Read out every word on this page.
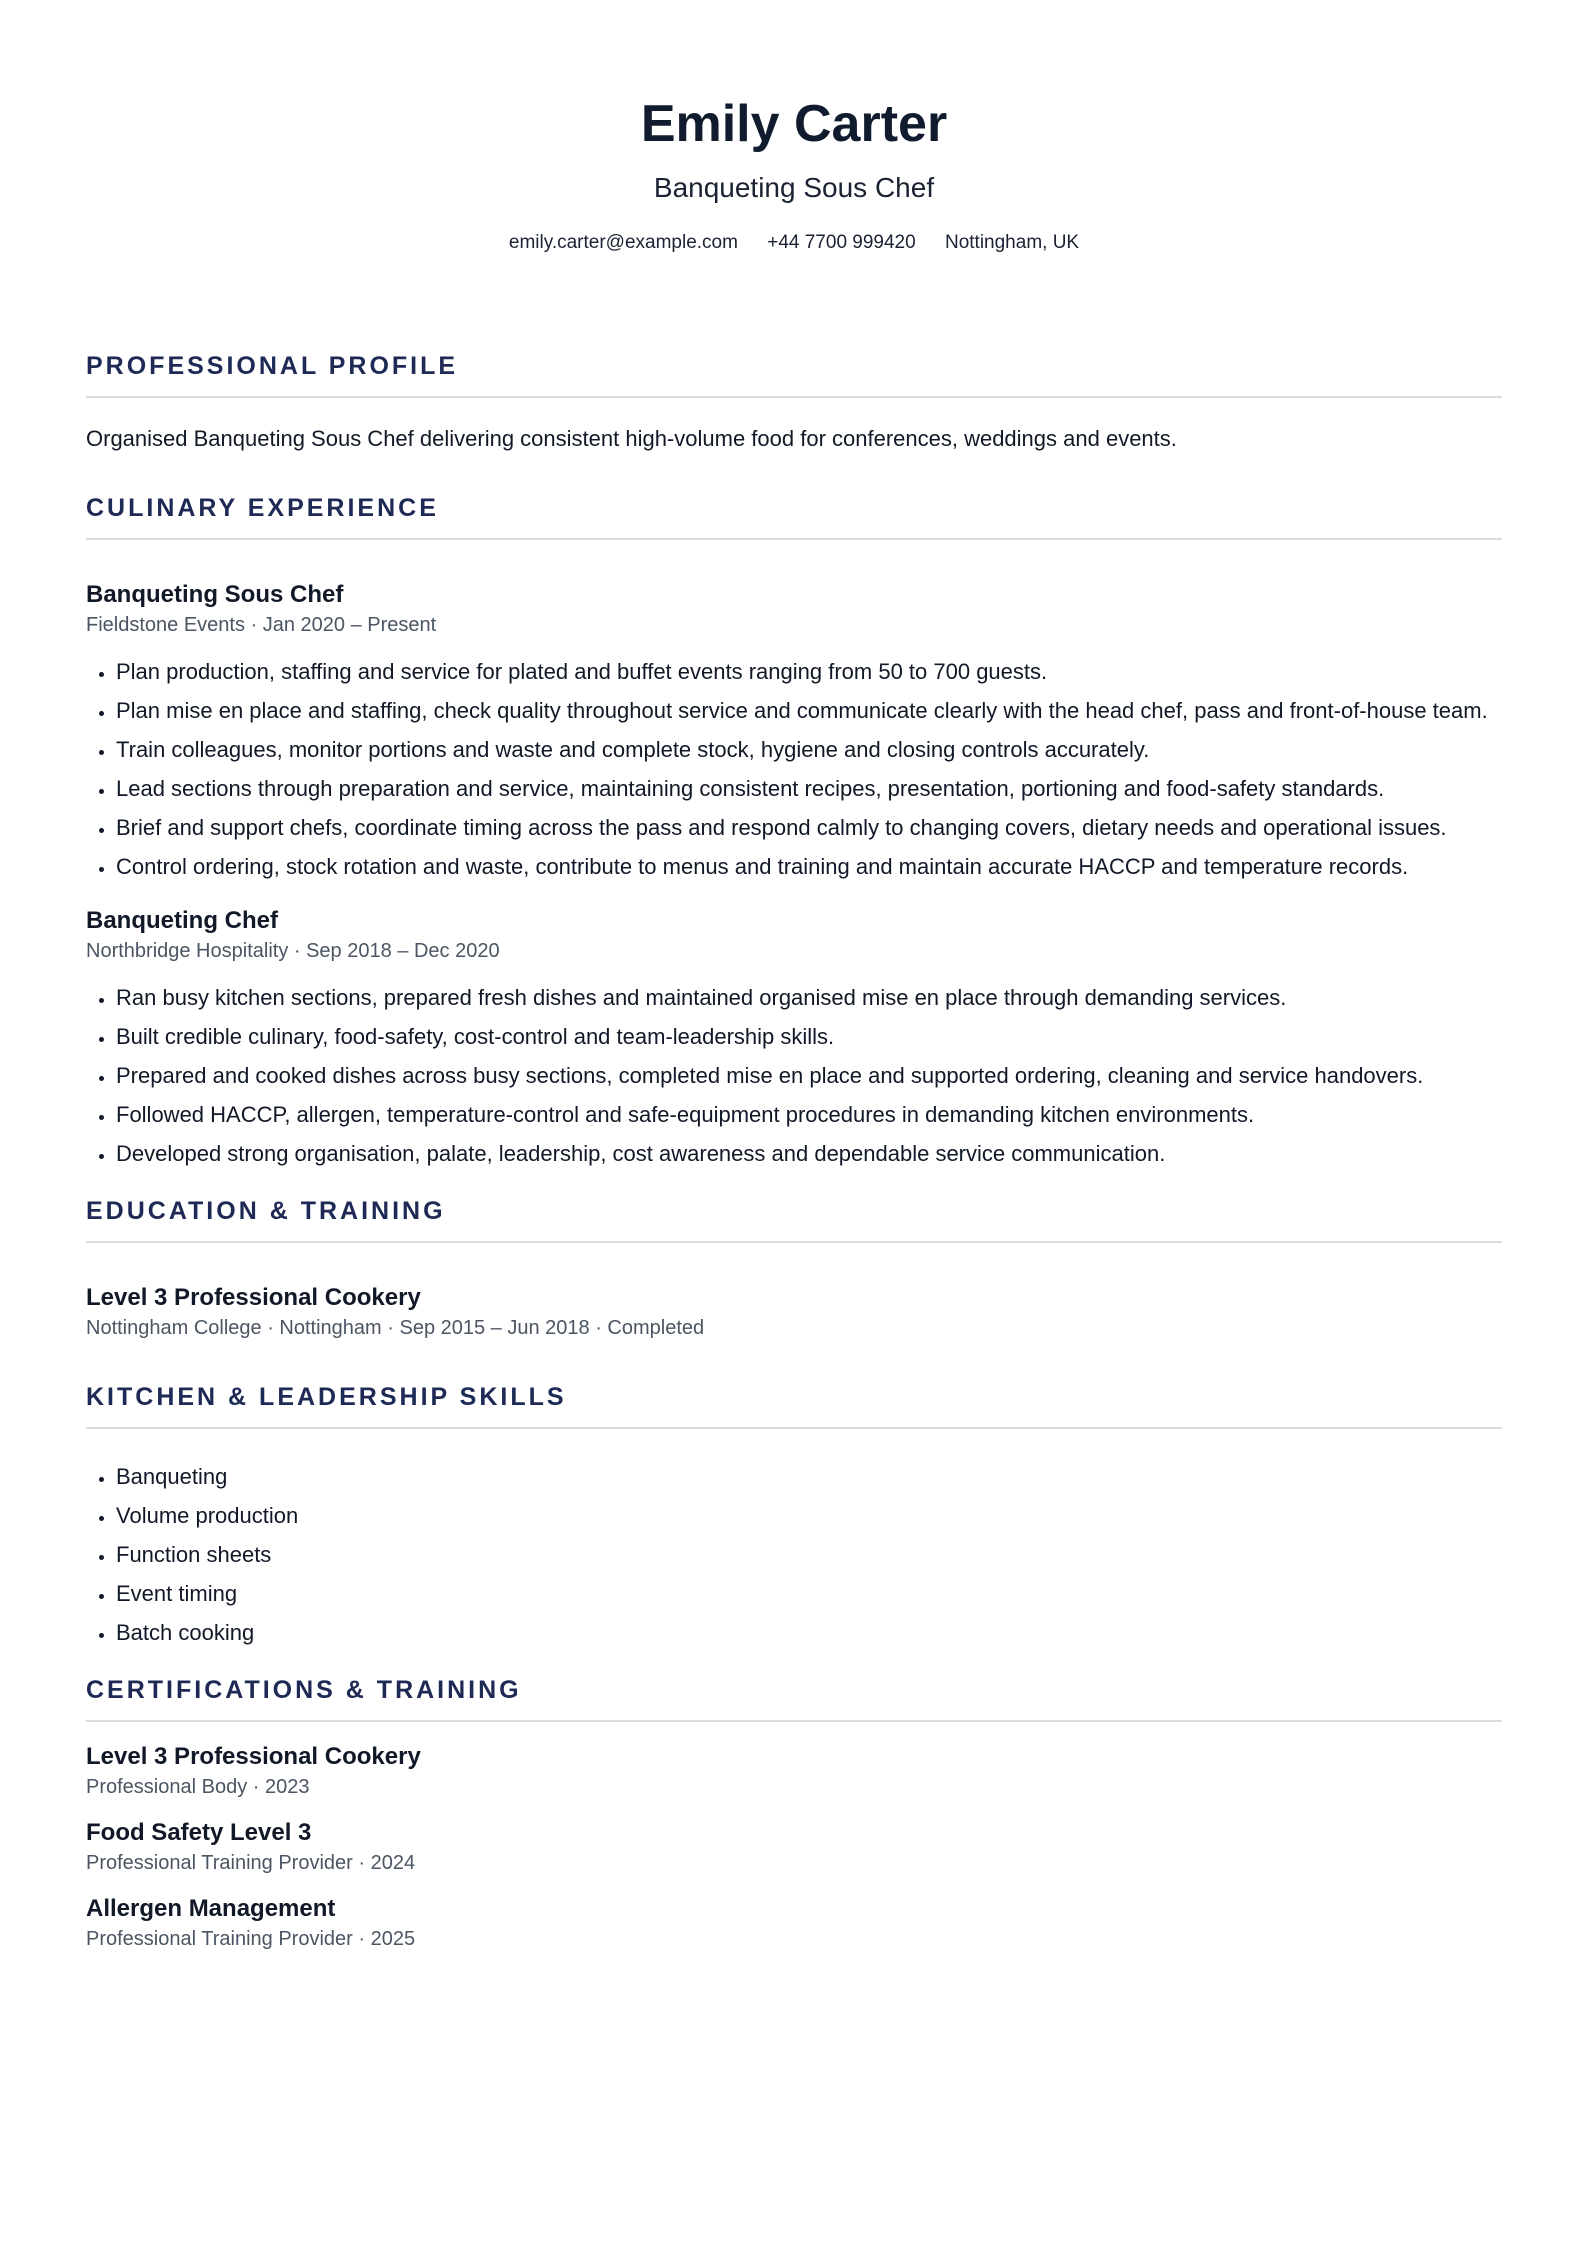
Emily Carter
Banqueting Sous Chef
emily.carter@example.com +44 7700 999420 Nottingham, UK
PROFESSIONAL PROFILE

Organised Banqueting Sous Chef delivering consistent high-volume food for conferences, weddings and events.

CULINARY EXPERIENCE
Banqueting Sous Chef
Fieldstone Events · Jan 2020 – Present
• Plan production, staffing and service for plated and buffet events ranging from 50 to 700 guests.
• Plan mise en place and staffing, check quality throughout service and communicate clearly with the head chef, pass and front-of-house team.
• Train colleagues, monitor portions and waste and complete stock, hygiene and closing controls accurately.
• Lead sections through preparation and service, maintaining consistent recipes, presentation, portioning and food-safety standards.
• Brief and support chefs, coordinate timing across the pass and respond calmly to changing covers, dietary needs and operational issues.
• Control ordering, stock rotation and waste, contribute to menus and training and maintain accurate HACCP and temperature records.
Banqueting Chef
Northbridge Hospitality · Sep 2018 – Dec 2020
• Ran busy kitchen sections, prepared fresh dishes and maintained organised mise en place through demanding services.
• Built credible culinary, food-safety, cost-control and team-leadership skills.
• Prepared and cooked dishes across busy sections, completed mise en place and supported ordering, cleaning and service handovers.
• Followed HACCP, allergen, temperature-control and safe-equipment procedures in demanding kitchen environments.
• Developed strong organisation, palate, leadership, cost awareness and dependable service communication.
EDUCATION & TRAINING
Level 3 Professional Cookery
Nottingham College · Nottingham · Sep 2015 – Jun 2018 · Completed
KITCHEN & LEADERSHIP SKILLS
• Banqueting
• Volume production
• Function sheets
• Event timing
• Batch cooking
CERTIFICATIONS & TRAINING
Level 3 Professional Cookery
Professional Body · 2023
Food Safety Level 3
Professional Training Provider · 2024
Allergen Management
Professional Training Provider · 2025
